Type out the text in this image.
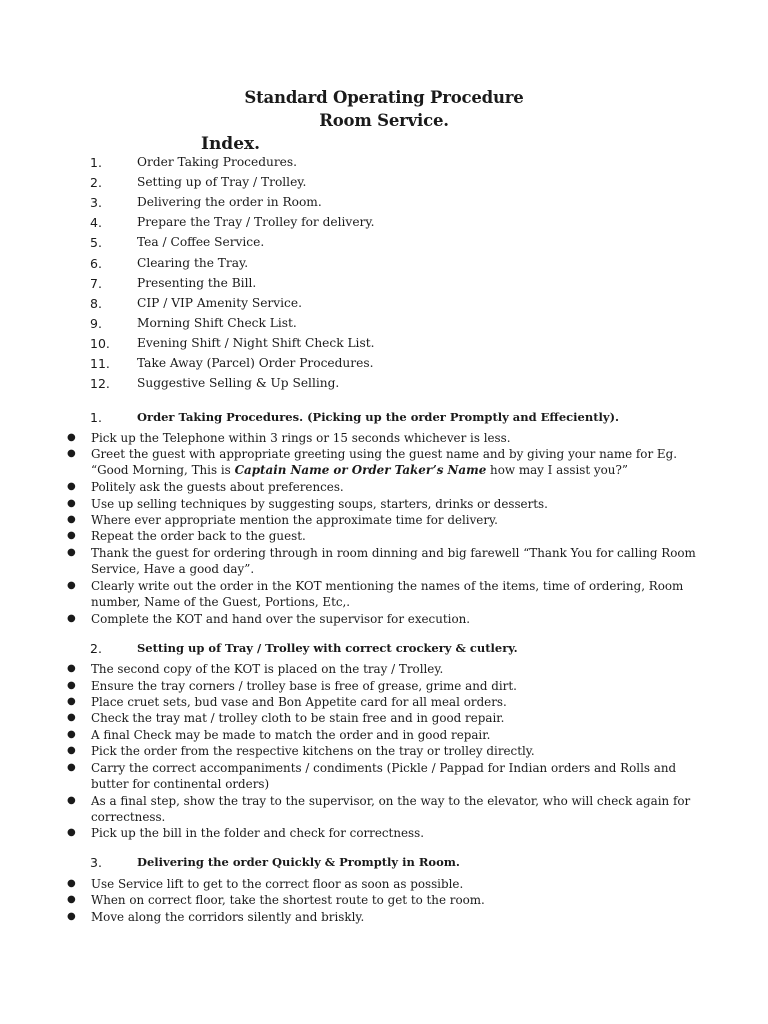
Standard Operating Procedure
Room Service.
Index.
1.	Order Taking Procedures.
2.	Setting up of Tray / Trolley.
3.	Delivering the order in Room.
4.	Prepare the Tray / Trolley for delivery.
5.	Tea / Coffee Service.
6.	Clearing the Tray.
7.	Presenting the Bill.
8.	CIP / VIP Amenity Service.
9.	Morning Shift Check List.
10. Evening Shift / Night Shift Check List.
11. Take Away (Parcel) Order Procedures.
12. Suggestive Selling & Up Selling.
1.	Order Taking Procedures. (Picking up the order Promptly and Effeciently).
● Pick up the Telephone within 3 rings or 15 seconds whichever is less.
● Greet the guest with appropriate greeting using the guest name and by giving your name for Eg.
“Good Morning, This is Captain Name or Order Taker’s Name how may I assist you?”
● Politely ask the guests about preferences.
● Use up selling techniques by suggesting soups, starters, drinks or desserts.
● Where ever appropriate mention the approximate time for delivery.
● Repeat the order back to the guest.
● Thank the guest for ordering through in room dinning and big farewell “Thank You for calling Room
Service, Have a good day”.
● Clearly write out the order in the KOT mentioning the names of the items, time of ordering, Room
number, Name of the Guest, Portions, Etc,.
● Complete the KOT and hand over the supervisor for execution.
2.	Setting up of Tray / Trolley with correct crockery & cutlery.
● The second copy of the KOT is placed on the tray / Trolley.
● Ensure the tray corners / trolley base is free of grease, grime and dirt.
● Place cruet sets, bud vase and Bon Appetite card for all meal orders.
● Check the tray mat / trolley cloth to be stain free and in good repair.
● A final Check may be made to match the order and in good repair.
● Pick the order from the respective kitchens on the tray or trolley directly.
● Carry the correct accompaniments / condiments (Pickle / Pappad for Indian orders and Rolls and
butter for continental orders)
● As a final step, show the tray to the supervisor, on the way to the elevator, who will check again for
correctness.
● Pick up the bill in the folder and check for correctness.
3.	Delivering the order Quickly & Promptly in Room.
● Use Service lift to get to the correct floor as soon as possible.
● When on correct floor, take the shortest route to get to the room.
● Move along the corridors silently and briskly.
